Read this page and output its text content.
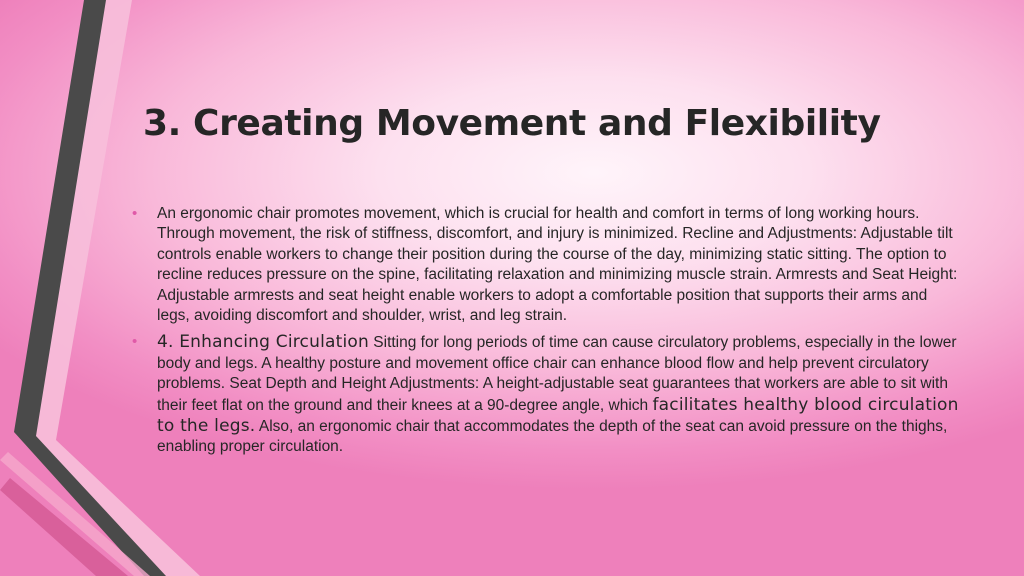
3. Creating Movement and Flexibility
• An ergonomic chair promotes movement, which is crucial for health and comfort in terms of long working hours. Through movement, the risk of stiffness, discomfort, and injury is minimized. Recline and Adjustments: Adjustable tilt controls enable workers to change their position during the course of the day, minimizing static sitting. The option to recline reduces pressure on the spine, facilitating relaxation and minimizing muscle strain. Armrests and Seat Height: Adjustable armrests and seat height enable workers to adopt a comfortable position that supports their arms and legs, avoiding discomfort and shoulder, wrist, and leg strain.
• 4. Enhancing Circulation Sitting for long periods of time can cause circulatory problems, especially in the lower body and legs. A healthy posture and movement office chair can enhance blood flow and help prevent circulatory problems. Seat Depth and Height Adjustments: A height-adjustable seat guarantees that workers are able to sit with their feet flat on the ground and their knees at a 90-degree angle, which facilitates healthy blood circulation to the legs. Also, an ergonomic chair that accommodates the depth of the seat can avoid pressure on the thighs, enabling proper circulation.
